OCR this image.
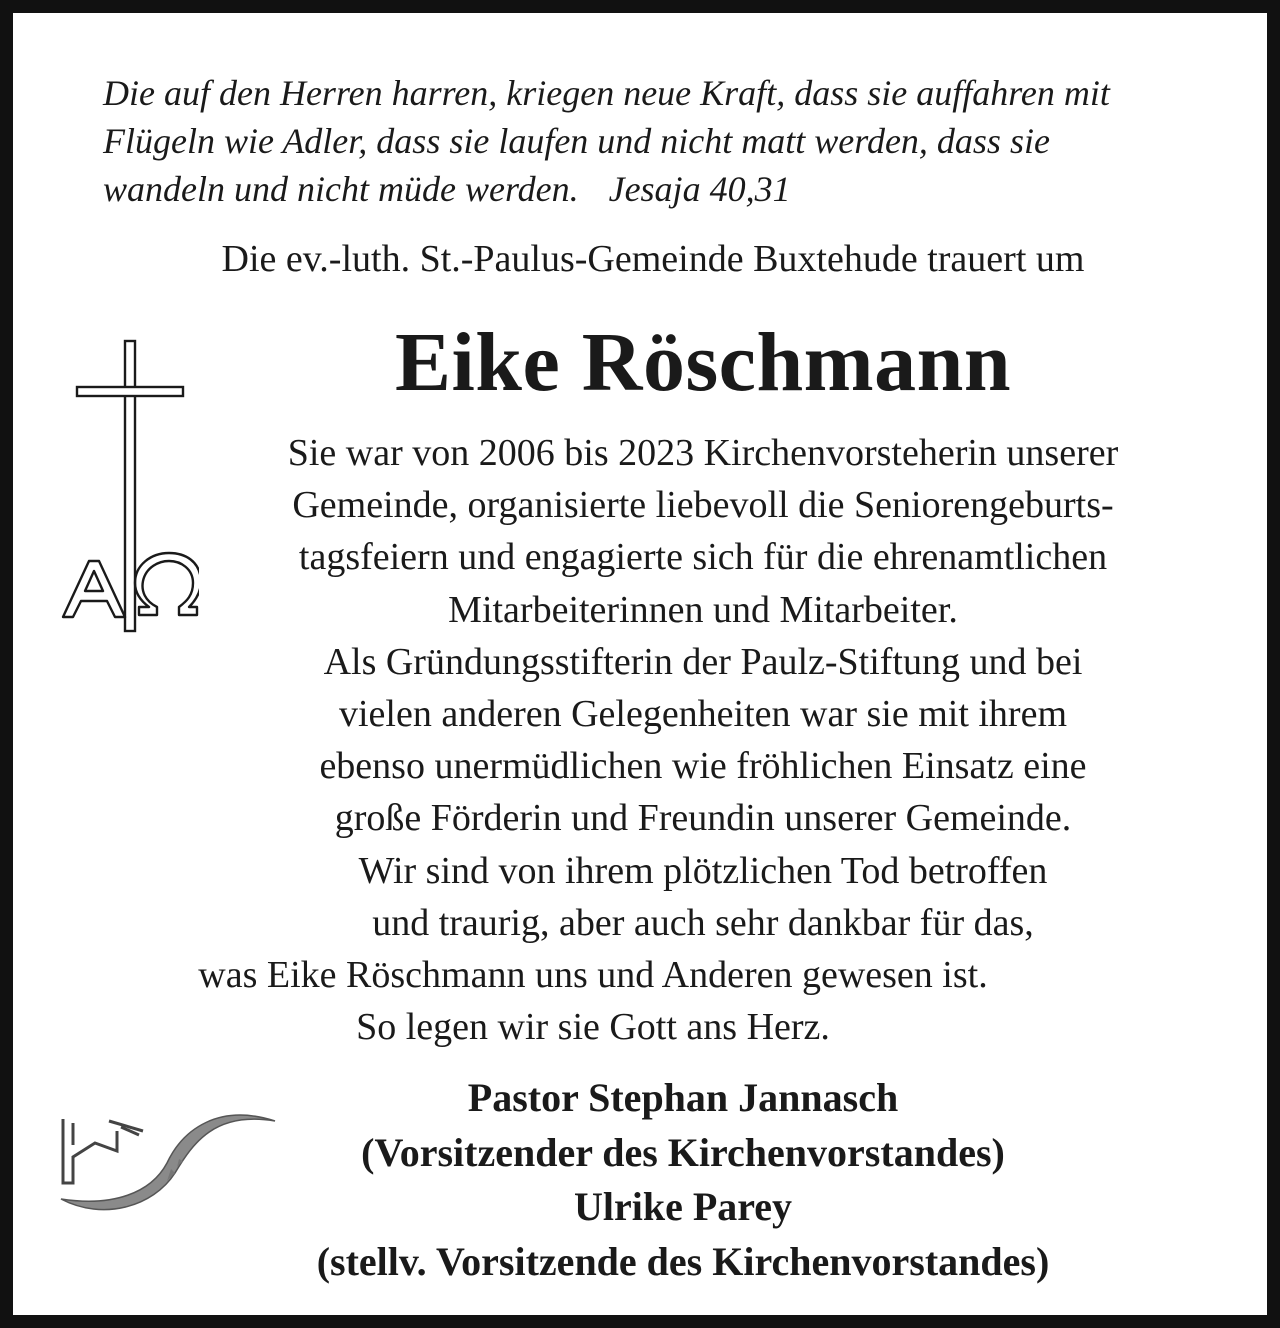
Die auf den Herren harren, kriegen neue Kraft, dass sie auffahren mit
Flügeln wie Adler, dass sie laufen und nicht matt werden, dass sie
wandeln und nicht müde werden. Jesaja 40,31
Die ev.-luth. St.-Paulus-Gemeinde Buxtehude trauert um
Eike Röschmann
Sie war von 2006 bis 2023 Kirchenvorsteherin unserer
Gemeinde, organisierte liebevoll die Seniorengeburts-
tagsfeiern und engagierte sich für die ehrenamtlichen
Mitarbeiterinnen und Mitarbeiter.
Als Gründungsstifterin der Paulz-Stiftung und bei
vielen anderen Gelegenheiten war sie mit ihrem
ebenso unermüdlichen wie fröhlichen Einsatz eine
große Förderin und Freundin unserer Gemeinde.
Wir sind von ihrem plötzlichen Tod betroffen
und traurig, aber auch sehr dankbar für das,
was Eike Röschmann uns und Anderen gewesen ist.
So legen wir sie Gott ans Herz.
Pastor Stephan Jannasch
(Vorsitzender des Kirchenvorstandes)
Ulrike Parey
(stellv. Vorsitzende des Kirchenvorstandes)
